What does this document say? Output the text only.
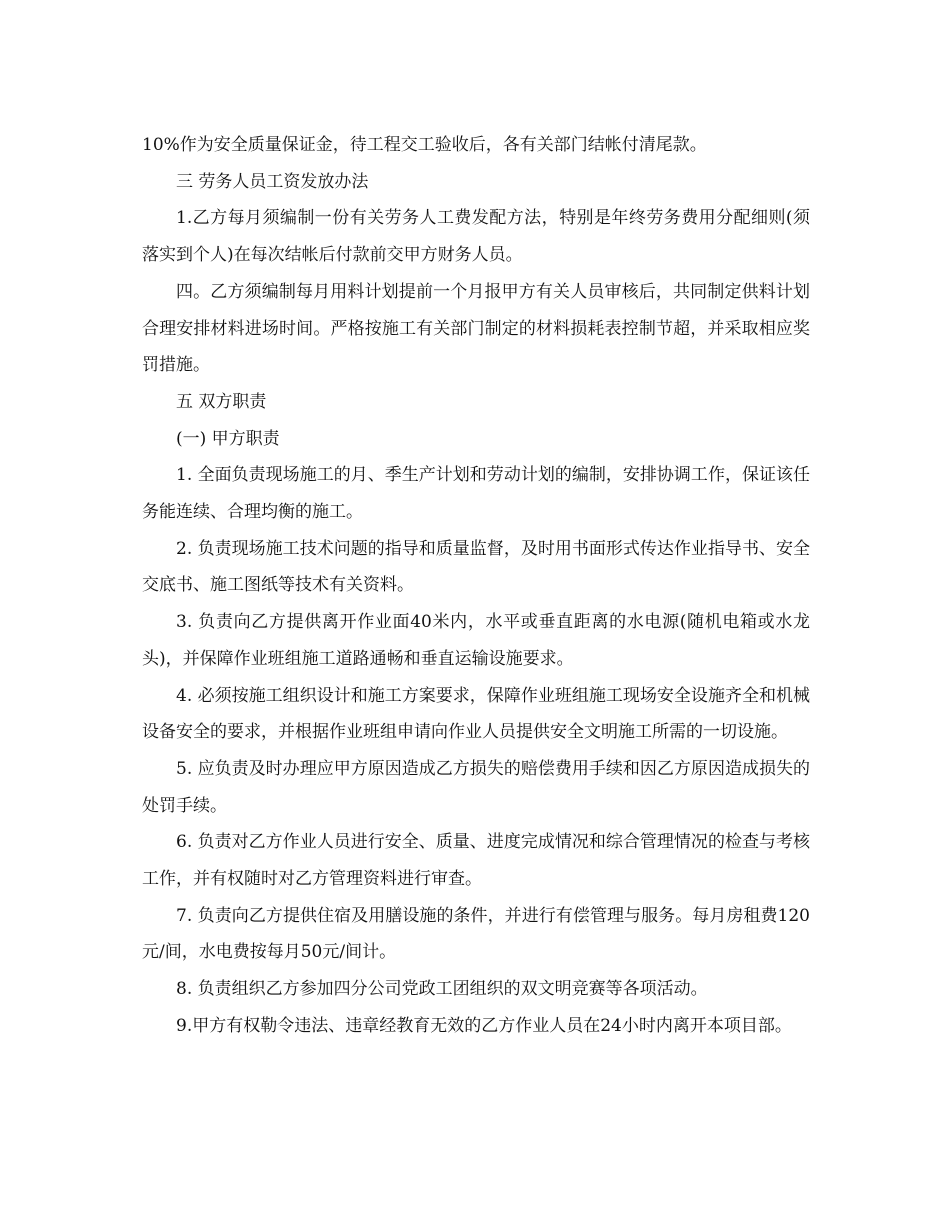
10%作为安全质量保证金，待工程交工验收后，各有关部门结帐付清尾款。

三 劳务人员工资发放办法

1.乙方每月须编制一份有关劳务人工费发配方法，特别是年终劳务费用分配细则(须落实到个人)在每次结帐后付款前交甲方财务人员。

四。乙方须编制每月用料计划提前一个月报甲方有关人员审核后，共同制定供料计划合理安排材料进场时间。严格按施工有关部门制定的材料损耗表控制节超，并采取相应奖罚措施。

五 双方职责

(一) 甲方职责

1. 全面负责现场施工的月、季生产计划和劳动计划的编制，安排协调工作，保证该任务能连续、合理均衡的施工。

2. 负责现场施工技术问题的指导和质量监督，及时用书面形式传达作业指导书、安全交底书、施工图纸等技术有关资料。

3. 负责向乙方提供离开作业面40米内，水平或垂直距离的水电源(随机电箱或水龙头)，并保障作业班组施工道路通畅和垂直运输设施要求。

4. 必须按施工组织设计和施工方案要求，保障作业班组施工现场安全设施齐全和机械设备安全的要求，并根据作业班组申请向作业人员提供安全文明施工所需的一切设施。

5. 应负责及时办理应甲方原因造成乙方损失的赔偿费用手续和因乙方原因造成损失的处罚手续。

6. 负责对乙方作业人员进行安全、质量、进度完成情况和综合管理情况的检查与考核工作，并有权随时对乙方管理资料进行审查。

7. 负责向乙方提供住宿及用膳设施的条件，并进行有偿管理与服务。每月房租费120元/间，水电费按每月50元/间计。

8. 负责组织乙方参加四分公司党政工团组织的双文明竞赛等各项活动。

9.甲方有权勒令违法、违章经教育无效的乙方作业人员在24小时内离开本项目部。
